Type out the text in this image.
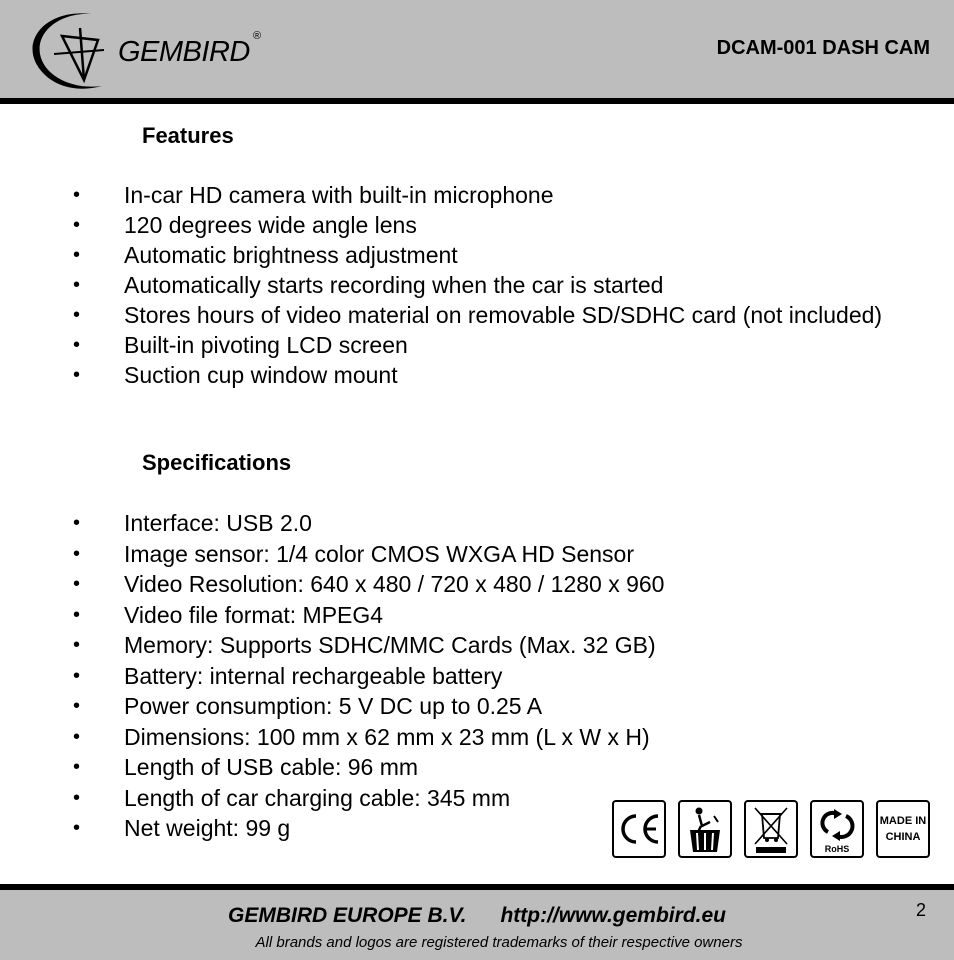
GEMBIRD ®
DCAM-001 DASH CAM
Features
• In-car HD camera with built-in microphone
• 120 degrees wide angle lens
• Automatic brightness adjustment
• Automatically starts recording when the car is started
• Stores hours of video material on removable SD/SDHC card (not included)
• Built-in pivoting LCD screen
• Suction cup window mount
Specifications
• Interface: USB 2.0
• Image sensor: 1/4 color CMOS WXGA HD Sensor
• Video Resolution: 640 x 480 / 720 x 480 / 1280 x 960
• Video file format: MPEG4
• Memory: Supports SDHC/MMC Cards (Max. 32 GB)
• Battery: internal rechargeable battery
• Power consumption: 5 V DC up to 0.25 A
• Dimensions: 100 mm x 62 mm x 23 mm (L x W x H)
• Length of USB cable: 96 mm
• Length of car charging cable: 345 mm
• Net weight: 99 g
RoHS
MADE IN
CHINA
GEMBIRD EUROPE B.V. http://www.gembird.eu
All brands and logos are registered trademarks of their respective owners
2
